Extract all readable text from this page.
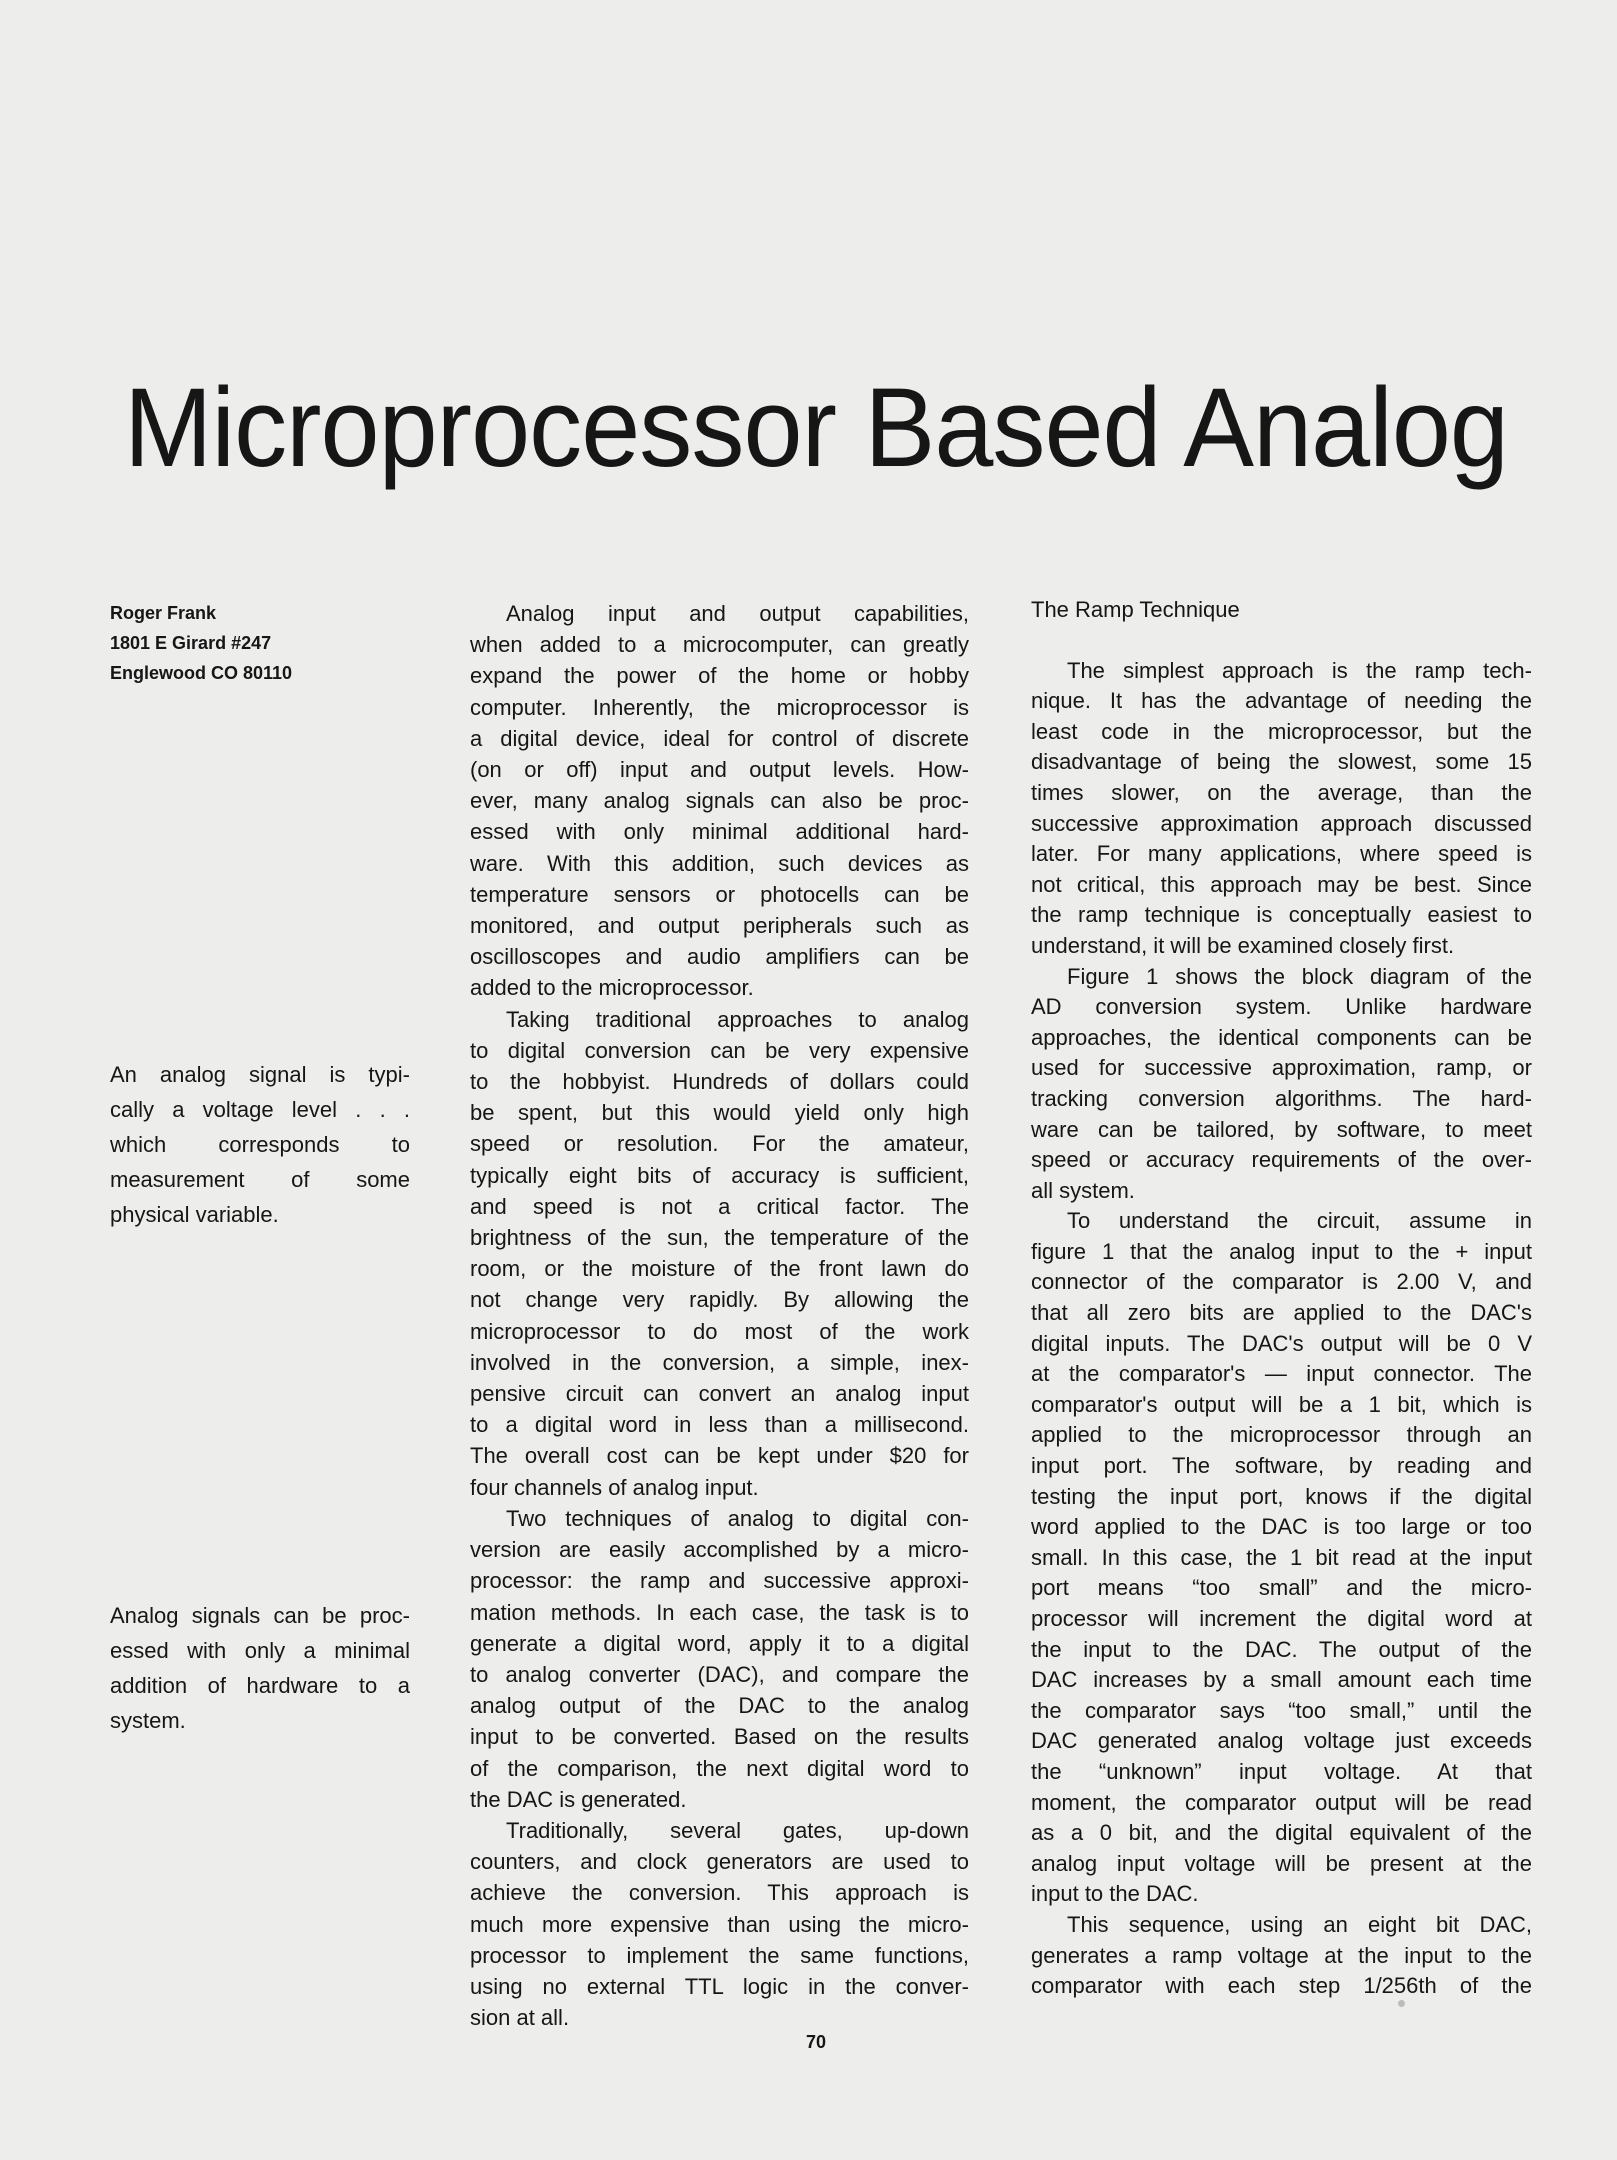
Microprocessor Based Analog
Roger Frank
1801 E Girard #247
Englewood CO 80110
An analog signal is typi-
cally a voltage level . . .
which corresponds to
measurement of some
physical variable.
Analog signals can be proc-
essed with only a minimal
addition of hardware to a
system.
Analog input and output capabilities,
when added to a microcomputer, can greatly
expand the power of the home or hobby
computer. Inherently, the microprocessor is
a digital device, ideal for control of discrete
(on or off) input and output levels. How-
ever, many analog signals can also be proc-
essed with only minimal additional hard-
ware. With this addition, such devices as
temperature sensors or photocells can be
monitored, and output peripherals such as
oscilloscopes and audio amplifiers can be
added to the microprocessor.
Taking traditional approaches to analog
to digital conversion can be very expensive
to the hobbyist. Hundreds of dollars could
be spent, but this would yield only high
speed or resolution. For the amateur,
typically eight bits of accuracy is sufficient,
and speed is not a critical factor. The
brightness of the sun, the temperature of the
room, or the moisture of the front lawn do
not change very rapidly. By allowing the
microprocessor to do most of the work
involved in the conversion, a simple, inex-
pensive circuit can convert an analog input
to a digital word in less than a millisecond.
The overall cost can be kept under $20 for
four channels of analog input.
Two techniques of analog to digital con-
version are easily accomplished by a micro-
processor: the ramp and successive approxi-
mation methods. In each case, the task is to
generate a digital word, apply it to a digital
to analog converter (DAC), and compare the
analog output of the DAC to the analog
input to be converted. Based on the results
of the comparison, the next digital word to
the DAC is generated.
Traditionally, several gates, up-down
counters, and clock generators are used to
achieve the conversion. This approach is
much more expensive than using the micro-
processor to implement the same functions,
using no external TTL logic in the conver-
sion at all.
The Ramp Technique
The simplest approach is the ramp tech-
nique. It has the advantage of needing the
least code in the microprocessor, but the
disadvantage of being the slowest, some 15
times slower, on the average, than the
successive approximation approach discussed
later. For many applications, where speed is
not critical, this approach may be best. Since
the ramp technique is conceptually easiest to
understand, it will be examined closely first.
Figure 1 shows the block diagram of the
AD conversion system. Unlike hardware
approaches, the identical components can be
used for successive approximation, ramp, or
tracking conversion algorithms. The hard-
ware can be tailored, by software, to meet
speed or accuracy requirements of the over-
all system.
To understand the circuit, assume in
figure 1 that the analog input to the + input
connector of the comparator is 2.00 V, and
that all zero bits are applied to the DAC's
digital inputs. The DAC's output will be 0 V
at the comparator's — input connector. The
comparator's output will be a 1 bit, which is
applied to the microprocessor through an
input port. The software, by reading and
testing the input port, knows if the digital
word applied to the DAC is too large or too
small. In this case, the 1 bit read at the input
port means “too small” and the micro-
processor will increment the digital word at
the input to the DAC. The output of the
DAC increases by a small amount each time
the comparator says “too small,” until the
DAC generated analog voltage just exceeds
the “unknown” input voltage. At that
moment, the comparator output will be read
as a 0 bit, and the digital equivalent of the
analog input voltage will be present at the
input to the DAC.
This sequence, using an eight bit DAC,
generates a ramp voltage at the input to the
comparator with each step 1/256th of the
70
